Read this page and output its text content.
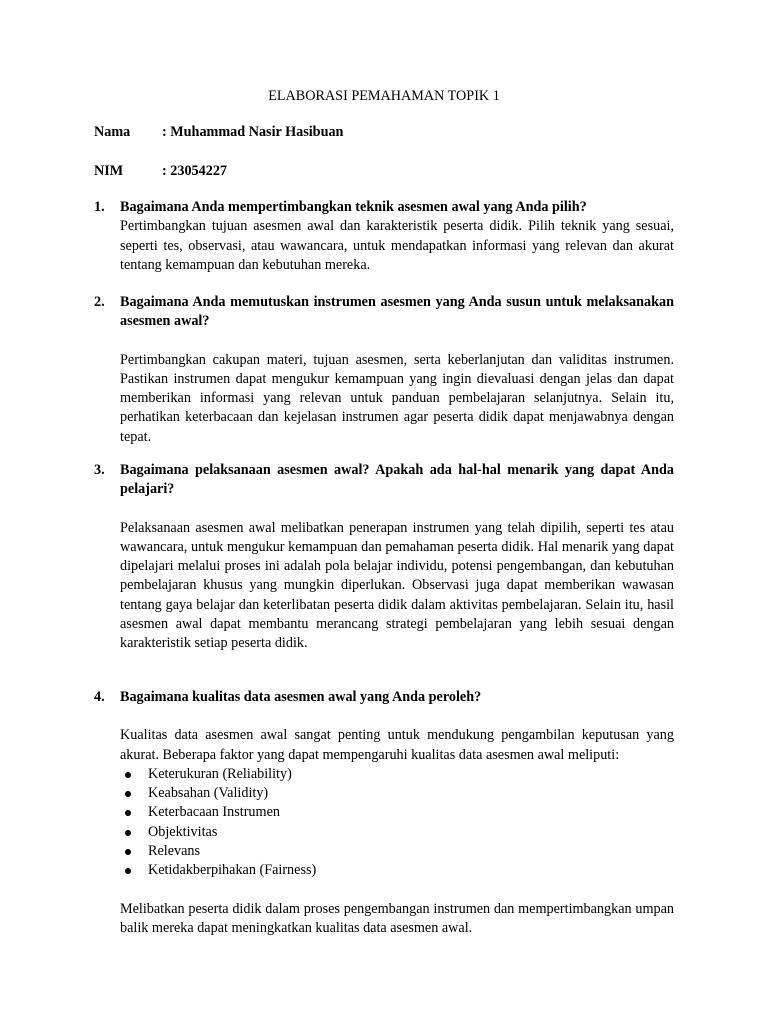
ELABORASI PEMAHAMAN TOPIK 1
Nama : Muhammad Nasir Hasibuan
NIM	: 23054227
1. Bagaimana Anda mempertimbangkan teknik asesmen awal yang Anda pilih?
Pertimbangkan tujuan asesmen awal dan karakteristik peserta didik. Pilih teknik yang sesuai, seperti tes, observasi, atau wawancara, untuk mendapatkan informasi yang relevan dan akurat tentang kemampuan dan kebutuhan mereka.
2. Bagaimana Anda memutuskan instrumen asesmen yang Anda susun untuk melaksanakan asesmen awal?
Pertimbangkan cakupan materi, tujuan asesmen, serta keberlanjutan dan validitas instrumen. Pastikan instrumen dapat mengukur kemampuan yang ingin dievaluasi dengan jelas dan dapat memberikan informasi yang relevan untuk panduan pembelajaran selanjutnya. Selain itu, perhatikan keterbacaan dan kejelasan instrumen agar peserta didik dapat menjawabnya dengan tepat.
3. Bagaimana pelaksanaan asesmen awal? Apakah ada hal-hal menarik yang dapat Anda pelajari?
Pelaksanaan asesmen awal melibatkan penerapan instrumen yang telah dipilih, seperti tes atau wawancara, untuk mengukur kemampuan dan pemahaman peserta didik. Hal menarik yang dapat dipelajari melalui proses ini adalah pola belajar individu, potensi pengembangan, dan kebutuhan pembelajaran khusus yang mungkin diperlukan. Observasi juga dapat memberikan wawasan tentang gaya belajar dan keterlibatan peserta didik dalam aktivitas pembelajaran. Selain itu, hasil asesmen awal dapat membantu merancang strategi pembelajaran yang lebih sesuai dengan karakteristik setiap peserta didik.
4. Bagaimana kualitas data asesmen awal yang Anda peroleh?
Kualitas data asesmen awal sangat penting untuk mendukung pengambilan keputusan yang akurat. Beberapa faktor yang dapat mempengaruhi kualitas data asesmen awal meliputi:
Keterukuran (Reliability)
Keabsahan (Validity)
Keterbacaan Instrumen
Objektivitas
Relevans
Ketidakberpihakan (Fairness)
Melibatkan peserta didik dalam proses pengembangan instrumen dan mempertimbangkan umpan balik mereka dapat meningkatkan kualitas data asesmen awal.
